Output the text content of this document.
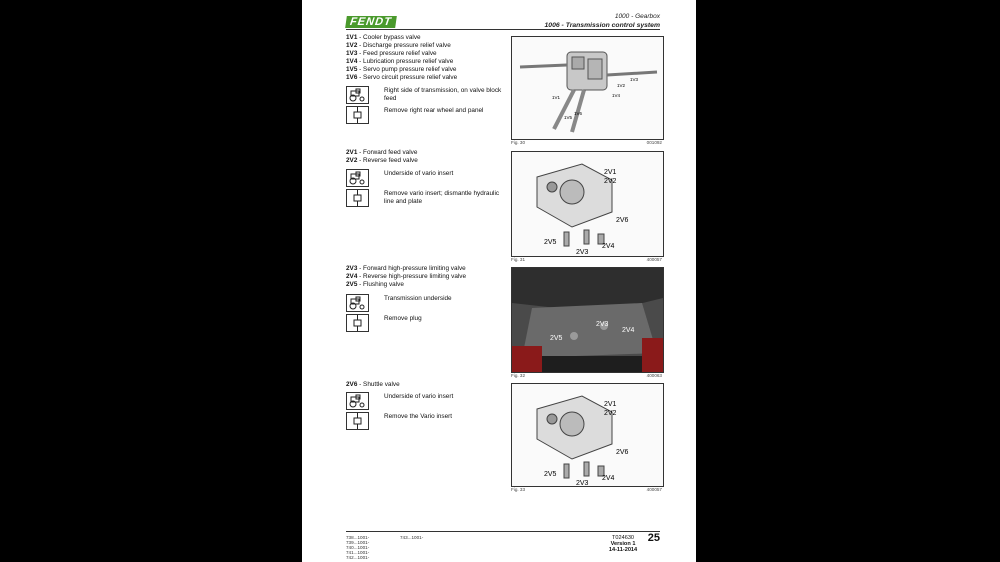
FENDT	1000 - Gearbox
1006 - Transmission control system
1V1 - Cooler bypass valve
1V2 - Discharge pressure relief valve
1V3 - Feed pressure relief valve
1V4 - Lubrication pressure relief valve
1V5 - Servo pump pressure relief valve
1V6 - Servo circuit pressure relief valve
Right side of transmission, on valve block feed
Remove right rear wheel and panel
1V1
1V2
1V3
1V4
1V5
1V6
Fig. 30	001092
2V1 - Forward feed valve
2V2 - Reverse feed valve
Underside of vario insert
Remove vario insert; dismantle hydraulic line and plate
2V1
2V2
2V6
2V5
2V3
2V4
Fig. 31	400057
2V3 - Forward high-pressure limiting valve
2V4 - Reverse high-pressure limiting valve
2V5 - Flushing valve
Transmission underside
Remove plug
2V5
2V3
2V4
Fig. 32	400063
2V6 - Shuttle valve
Underside of vario insert
Remove the Vario insert
2V1
2V2
2V6
2V5
2V3
2V4
Fig. 33	400057
738...1001-
739...1001-
740...1001-
741...1001-
742...1001-
743...1001-	T024630
Version 1
14-11-2014
25
